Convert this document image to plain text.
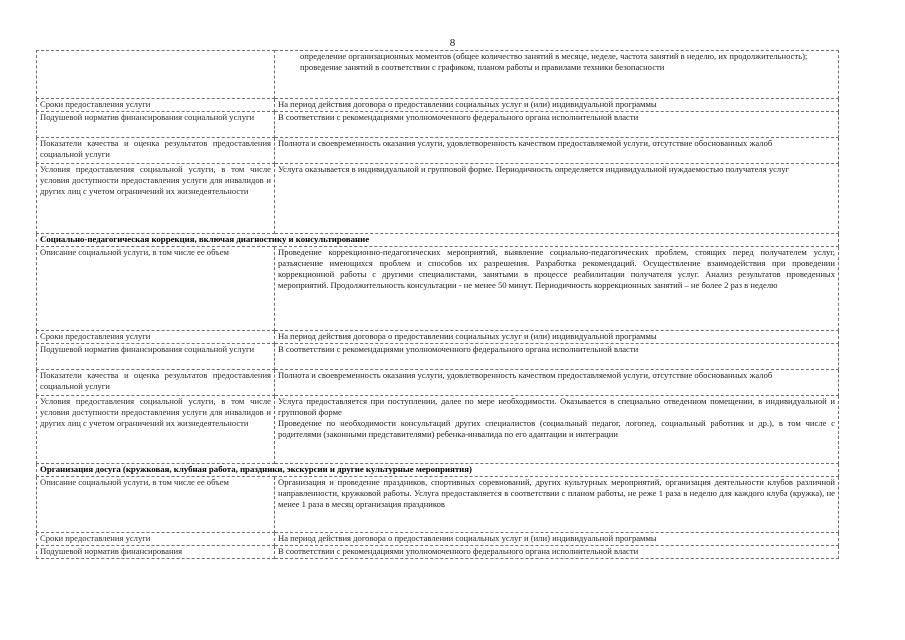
8

	определение организационных моментов (общее количество занятий в месяце, неделе, частота занятий в неделю, их продолжительность);

проведение занятий в соответствии с графиком, планом работы и правилами техники безопасности

Сроки предоставления услуги	На период действия договора о предоставлении социальных услуг и (или) индивидуальной программы

Подушевой норматив финансирования социальной услуги	В соответствии с рекомендациями уполномоченного федерального органа исполнительной власти

Показатели качества и оценка результатов предоставления социальной услуги	Полнота и своевременность оказания услуги, удовлетворенность качеством предоставляемой услуги, отсутствие обоснованных жалоб

Условия предоставления социальной услуги, в том числе условия доступности предоставления услуги для инвалидов и других лиц с учетом ограничений их жизнедеятельности	Услуга оказывается в индивидуальной и групповой форме. Периодичность определяется индивидуальной нуждаемостью получателя услуг

Социально-педагогическая коррекция, включая диагностику и консультирование	
Описание социальной услуги, в том числе ее объем	Проведение коррекционно-педагогических мероприятий, выявление социально-педагогических проблем, стоящих перед получателем услуг, разъяснение имеющихся проблем и способов их разрешения. Разработка рекомендаций. Осуществление взаимодействия при проведении коррекционной работы с другими специалистами, занятыми в процессе реабилитации получателя услуг. Анализ результатов проведенных мероприятий. Продолжительность консультации - не менее 50 минут. Периодичность коррекционных занятий – не более 2 раз в неделю

Сроки предоставления услуги	На период действия договора о предоставлении социальных услуг и (или) индивидуальной программы

Подушевой норматив финансирования социальной услуги	В соответствии с рекомендациями уполномоченного федерального органа исполнительной власти

Показатели качества и оценка результатов предоставления социальной услуги	Полнота и своевременность оказания услуги, удовлетворенность качеством предоставляемой услуги, отсутствие обоснованных жалоб

Условия предоставления социальной услуги, в том числе условия доступности предоставления услуги для инвалидов и других лиц с учетом ограничений их жизнедеятельности	Услуга предоставляется при поступлении, далее по мере необходимости. Оказывается в специально отведенном помещении, в индивидуальной и групповой форме

Проведение по необходимости консультаций других специалистов (социальный педагог, логопед, социальный работник и др.), в том числе с родителями (законными представителями) ребенка-инвалида по его адаптации и интеграции

Организация досуга (кружковая, клубная работа, праздники, экскурсии и другие культурные мероприятия)	
Описание социальной услуги, в том числе ее объем	Организация и проведение праздников, спортивных соревнований, других культурных мероприятий, организация деятельности клубов различной направленности, кружковой работы. Услуга предоставляется в соответствии с планом работы, не реже 1 раза в неделю для каждого клуба (кружка), не менее 1 раза в месяц организация праздников

Сроки предоставления услуги	На период действия договора о предоставлении социальных услуг и (или) индивидуальной программы

Подушевой норматив финансирования	В соответствии с рекомендациями уполномоченного федерального органа исполнительной власти
